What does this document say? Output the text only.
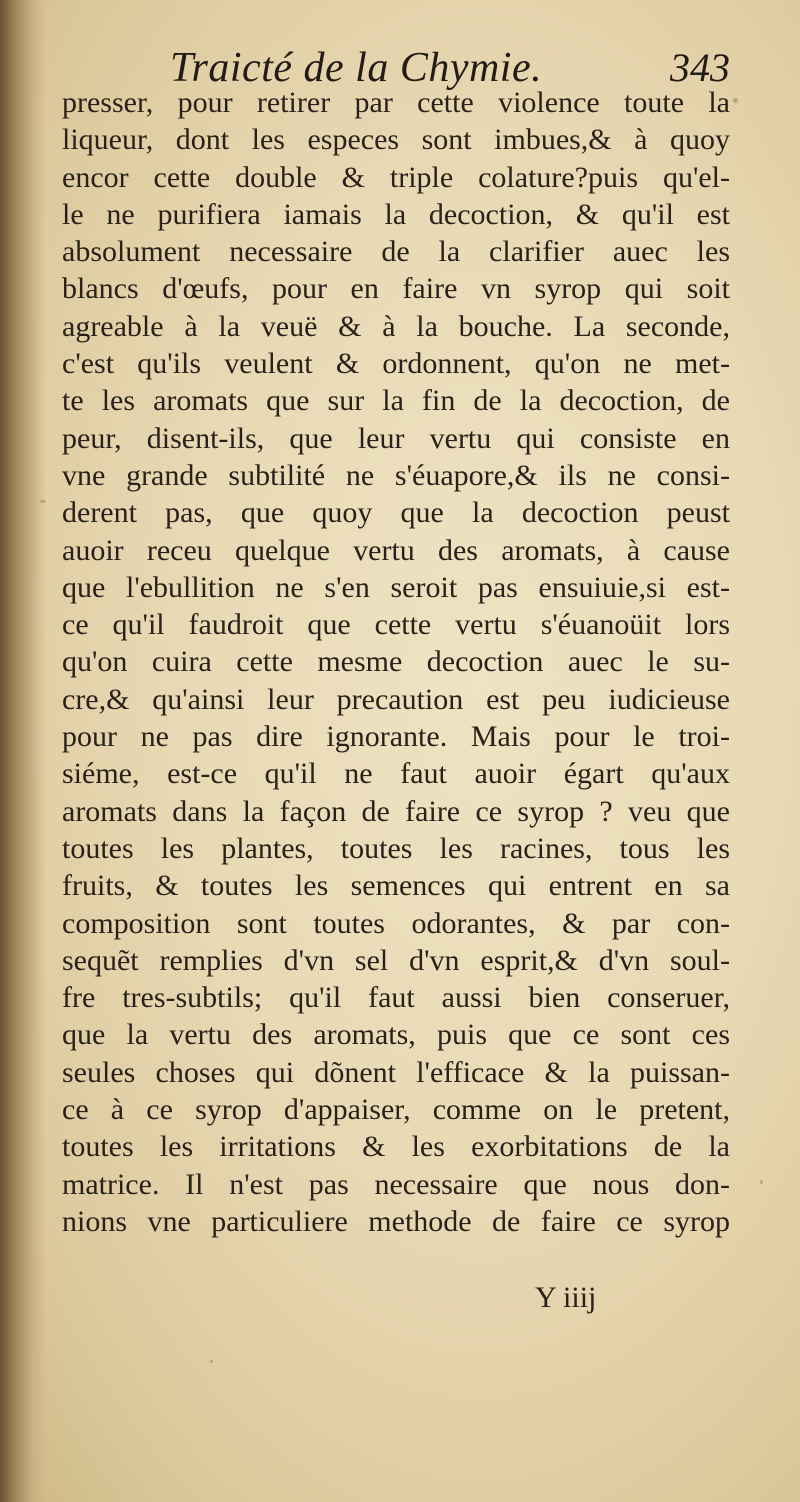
Traicté de la Chymie.	343
presser, pour retirer par cette violence toute la
liqueur, dont les especes sont imbues,& à quoy
encor cette double & triple colature?puis qu'el-
le ne purifiera iamais la decoction, & qu'il est
absolument necessaire de la clarifier auec les
blancs d'œufs, pour en faire vn syrop qui soit
agreable à la veuë & à la bouche. La seconde,
c'est qu'ils veulent & ordonnent, qu'on ne met-
te les aromats que sur la fin de la decoction, de
peur, disent-ils, que leur vertu qui consiste en
vne grande subtilité ne s'éuapore,& ils ne consi-
derent pas, que quoy que la decoction peust
auoir receu quelque vertu des aromats, à cause
que l'ebullition ne s'en seroit pas ensuiuie,si est-
ce qu'il faudroit que cette vertu s'éuanoüit lors
qu'on cuira cette mesme decoction auec le su-
cre,& qu'ainsi leur precaution est peu iudicieuse
pour ne pas dire ignorante. Mais pour le troi-
siéme, est-ce qu'il ne faut auoir égart qu'aux
aromats dans la façon de faire ce syrop ? veu que
toutes les plantes, toutes les racines, tous les
fruits, & toutes les semences qui entrent en sa
composition sont toutes odorantes, & par con-
sequẽt remplies d'vn sel d'vn esprit,& d'vn soul-
fre tres-subtils; qu'il faut aussi bien conseruer,
que la vertu des aromats, puis que ce sont ces
seules choses qui dõnent l'efficace & la puissan-
ce à ce syrop d'appaiser, comme on le pretent,
toutes les irritations & les exorbitations de la
matrice. Il n'est pas necessaire que nous don-
nions vne particuliere methode de faire ce syrop
Y iiij
